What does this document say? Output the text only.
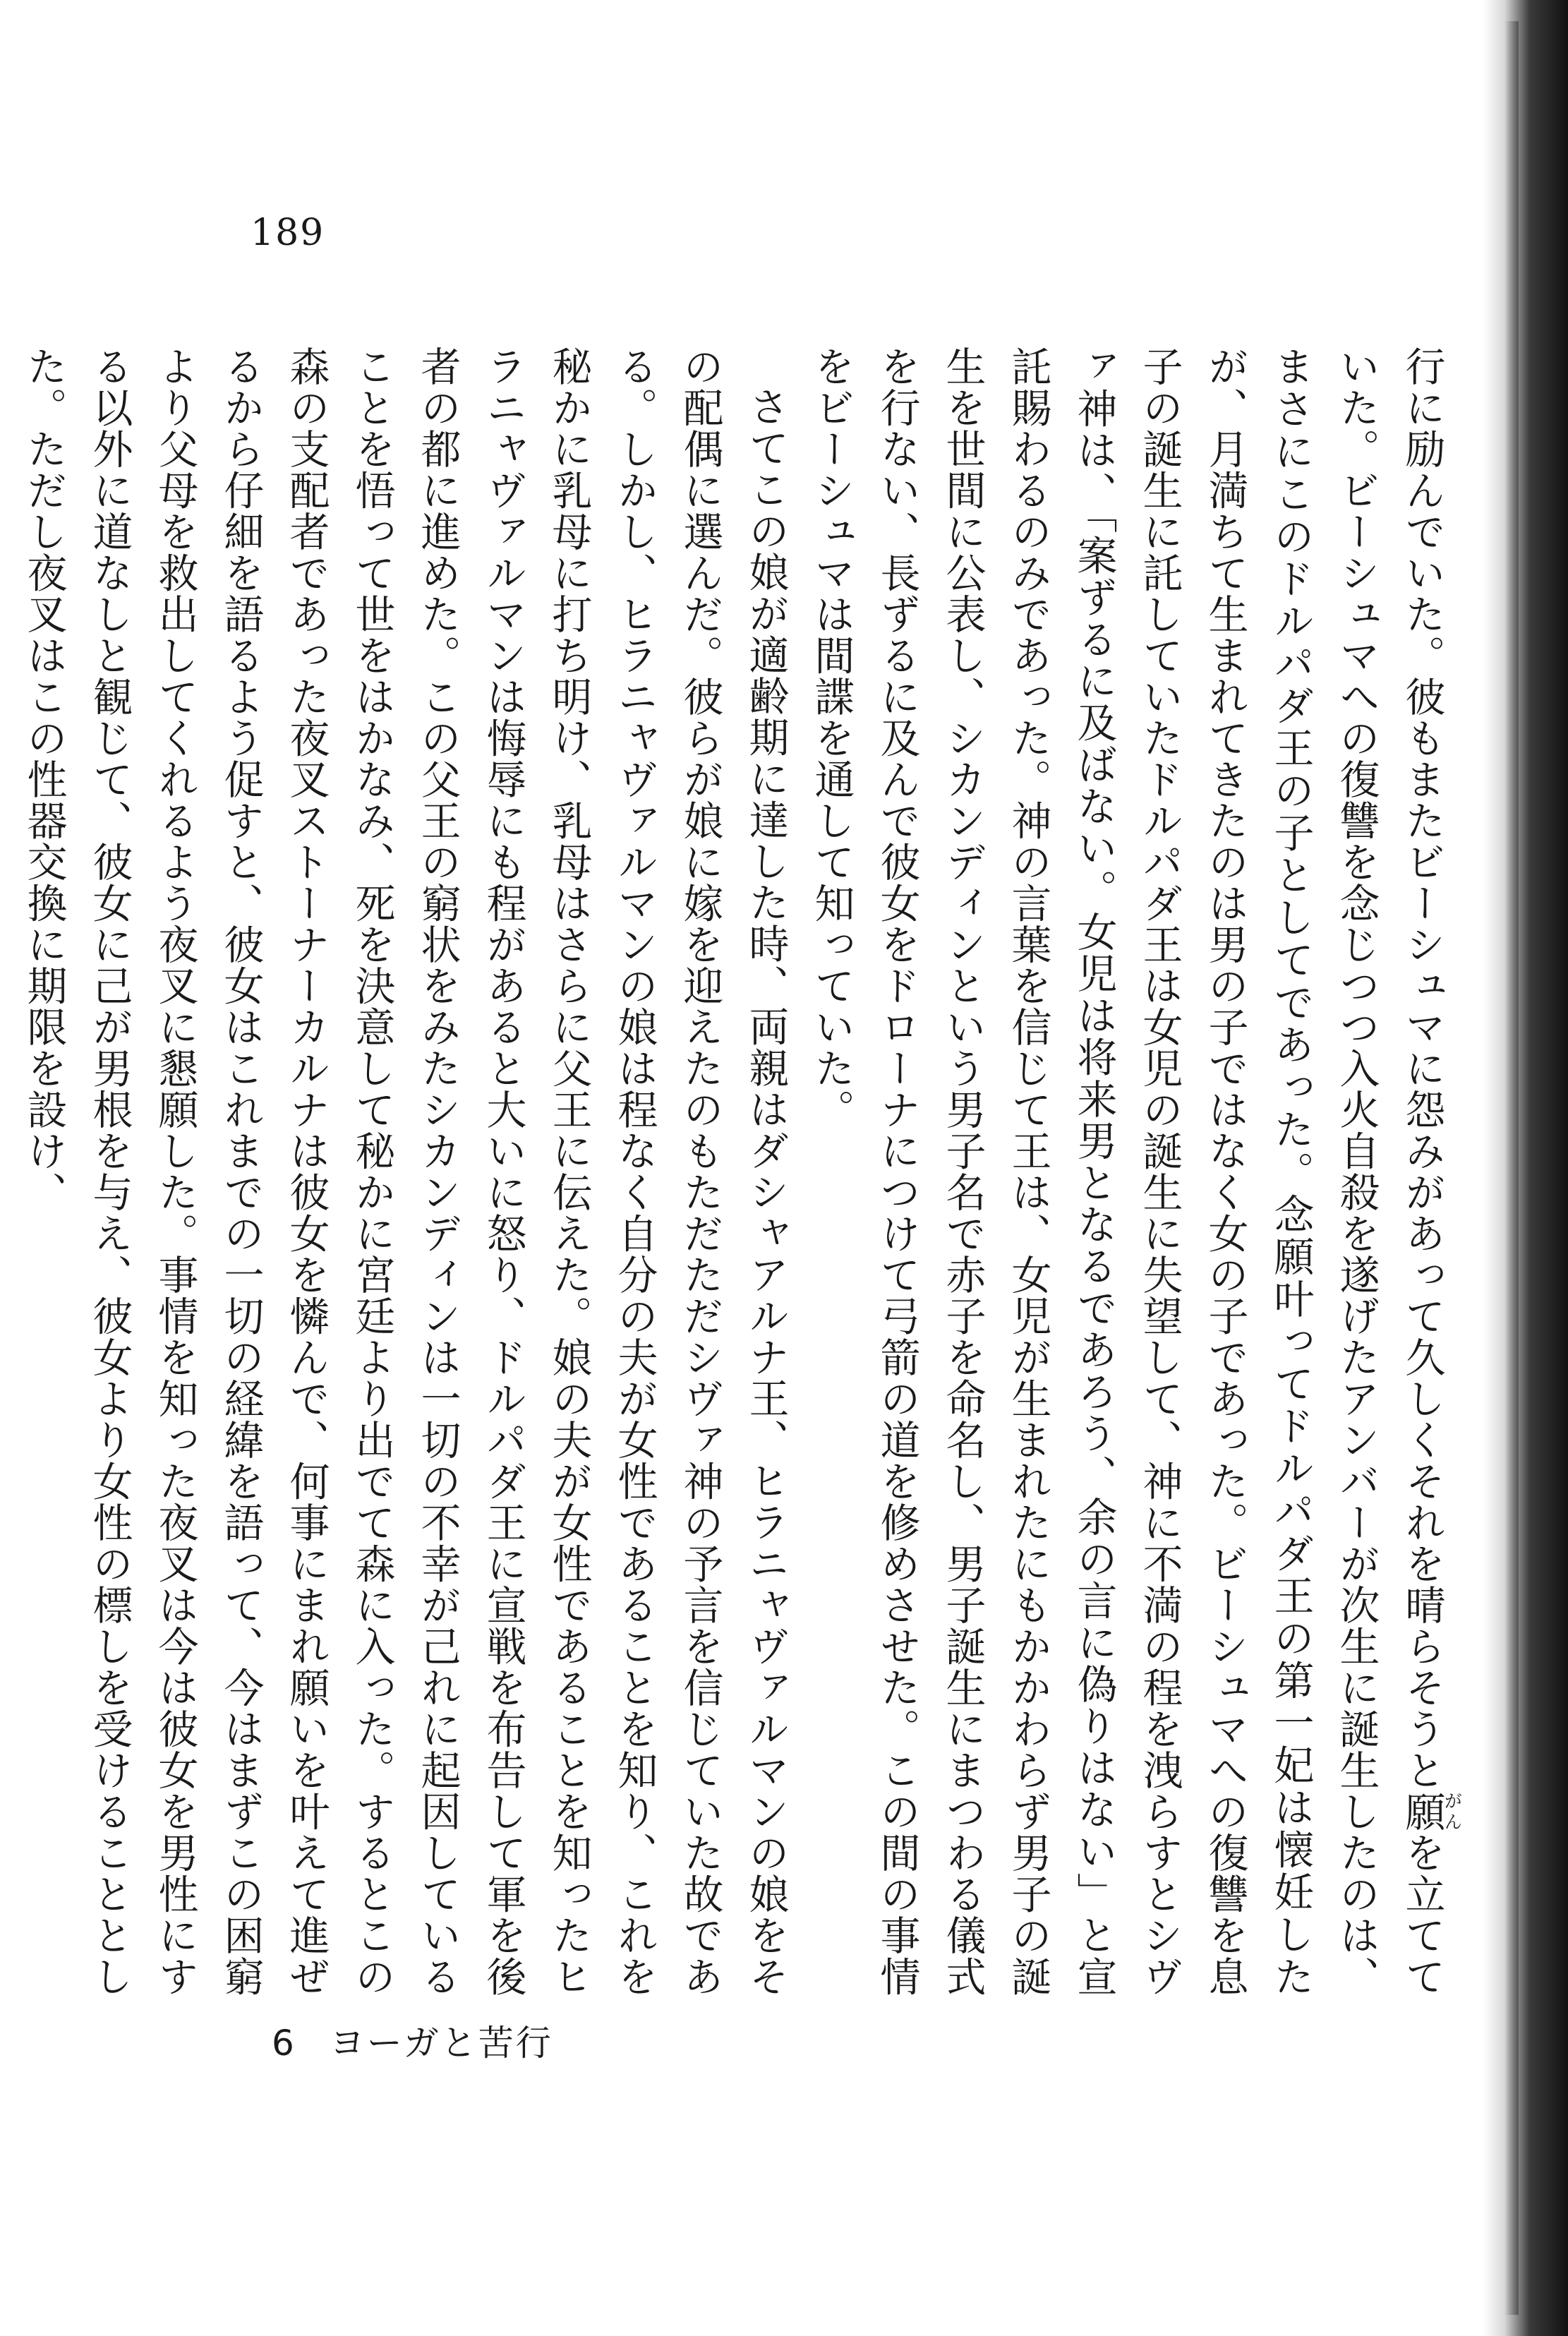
189

行に励んでいた。彼もまたビーシュマに怨みがあって久しくそれを晴らそうと願がんを立てていた。ビーシュマへの復讐を念じつつ入火自殺を遂げたアンバーが次生に誕生したのは、まさにこのドルパダ王の子としてであった。念願叶ってドルパダ王の第一妃は懐妊したが、月満ちて生まれてきたのは男の子ではなく女の子であった。ビーシュマへの復讐を息子の誕生に託していたドルパダ王は女児の誕生に失望して、神に不満の程を洩らすとシヴァ神は、「案ずるに及ばない。女児は将来男となるであろう、余の言に偽りはない」と宣託賜わるのみであった。神の言葉を信じて王は、女児が生まれたにもかかわらず男子の誕生を世間に公表し、シカンディンという男子名で赤子を命名し、男子誕生にまつわる儀式を行ない、長ずるに及んで彼女をドローナにつけて弓箭の道を修めさせた。この間の事情をビーシュマは間諜を通して知っていた。

さてこの娘が適齢期に達した時、両親はダシャアルナ王、ヒラニャヴァルマンの娘をその配偶に選んだ。彼らが娘に嫁を迎えたのもただただシヴァ神の予言を信じていた故である。しかし、ヒラニャヴァルマンの娘は程なく自分の夫が女性であることを知り、これを秘かに乳母に打ち明け、乳母はさらに父王に伝えた。娘の夫が女性であることを知ったヒラニャヴァルマンは悔辱にも程があると大いに怒り、ドルパダ王に宣戦を布告して軍を後者の都に進めた。この父王の窮状をみたシカンディンは一切の不幸が己れに起因していることを悟って世をはかなみ、死を決意して秘かに宮廷より出でて森に入った。するとこの森の支配者であった夜叉ストーナーカルナは彼女を憐んで、何事にまれ願いを叶えて進ぜるから仔細を語るよう促すと、彼女はこれまでの一切の経緯を語って、今はまずこの困窮より父母を救出してくれるよう夜叉に懇願した。事情を知った夜叉は今は彼女を男性にする以外に道なしと観じて、彼女に己が男根を与え、彼女より女性の標しを受けることとした。ただし夜叉はこの性器交換に期限を設け、

6 ヨーガと苦行
